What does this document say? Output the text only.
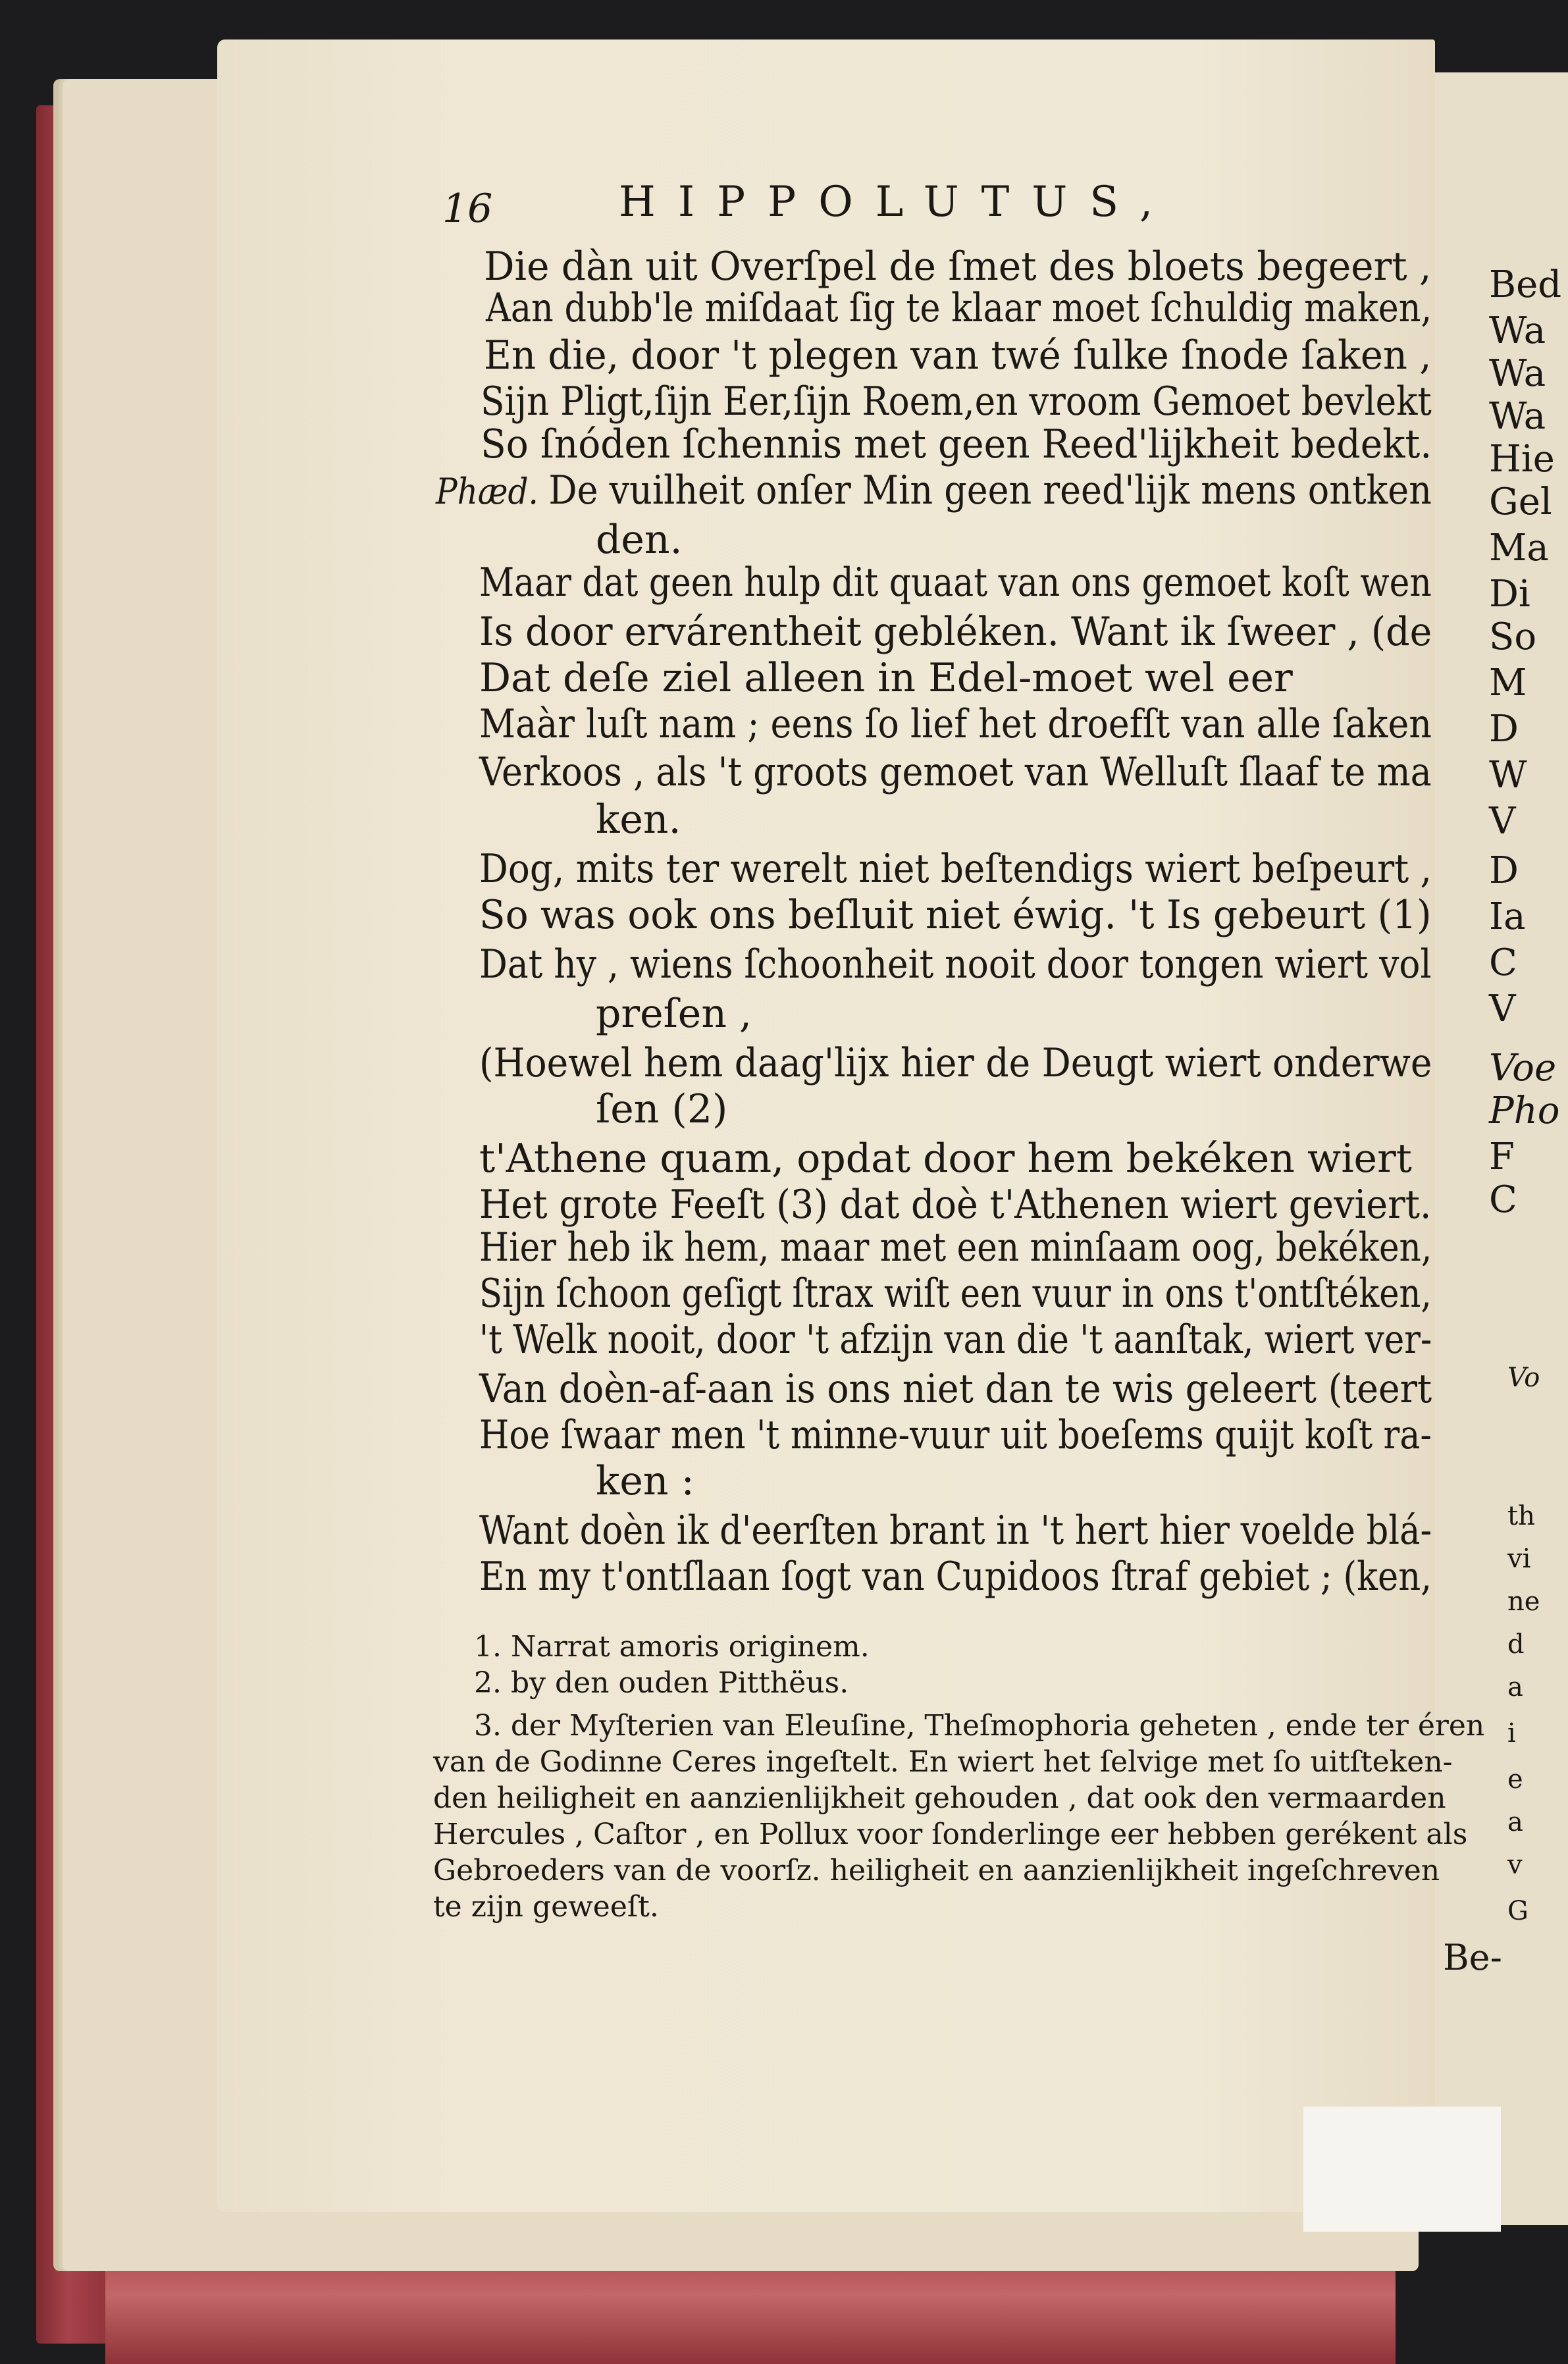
Bed
Wa
Wa
Wa
Hie
Gel
Ma
Di
So
M
D
W
V
D
Ia
C
V
Voe
Pho
F
C
Vo
th
vi
ne
d
a
i
e
a
v
G
16	HIPPOLUTUS,
Die dàn uit Overſpel de ſmet des bloets begeert ,
Aan dubb'le miſdaat ſig te klaar moet ſchuldig maken,
En die, door 't plegen van twé ſulke ſnode ſaken ,
Sijn Pligt,ſijn Eer,ſijn Roem,en vroom Gemoet bevlekt
So ſnóden ſchennis met geen Reed'lijkheit bedekt.
Phæd. De vuilheit onſer Min geen reed'lijk mens ontken
den.
Maar dat geen hulp dit quaat van ons gemoet koſt wen
Is door ervárentheit gebléken. Want ik ſweer , (de
Dat deſe ziel alleen in Edel-moet wel eer
Maàr luſt nam ; eens ſo lief het droefſt van alle ſaken
Verkoos , als 't groots gemoet van Welluſt ſlaaf te ma
ken.
Dog, mits ter werelt niet beſtendigs wiert beſpeurt ,
So was ook ons beſluit niet éwig. 't Is gebeurt (1)
Dat hy , wiens ſchoonheit nooit door tongen wiert vol
preſen ,
(Hoewel hem daag'lijx hier de Deugt wiert onderwe
ſen (2)
t'Athene quam, opdat door hem bekéken wiert
Het grote Feeſt (3) dat doè t'Athenen wiert geviert.
Hier heb ik hem, maar met een minſaam oog, bekéken,
Sijn ſchoon geſigt ſtrax wiſt een vuur in ons t'ontſtéken,
't Welk nooit, door 't afzijn van die 't aanſtak, wiert ver-
Van doèn-af-aan is ons niet dan te wis geleert (teert
Hoe ſwaar men 't minne-vuur uit boeſems quijt koſt ra-
ken :
Want doèn ik d'eerſten brant in 't hert hier voelde blá-
En my t'ontſlaan ſogt van Cupidoos ſtraf gebiet ; (ken,
1. Narrat amoris originem.
2. by den ouden Pitthëus.
3. der Myſterien van Eleuſine, Theſmophoria geheten , ende ter éren
van de Godinne Ceres ingeſtelt. En wiert het ſelvige met ſo uitſteken-
den heiligheit en aanzienlijkheit gehouden , dat ook den vermaarden
Hercules , Caſtor , en Pollux voor ſonderlinge eer hebben gerékent als
Gebroeders van de voorſz. heiligheit en aanzienlijkheit ingeſchreven
te zijn geweeſt.
Be-
